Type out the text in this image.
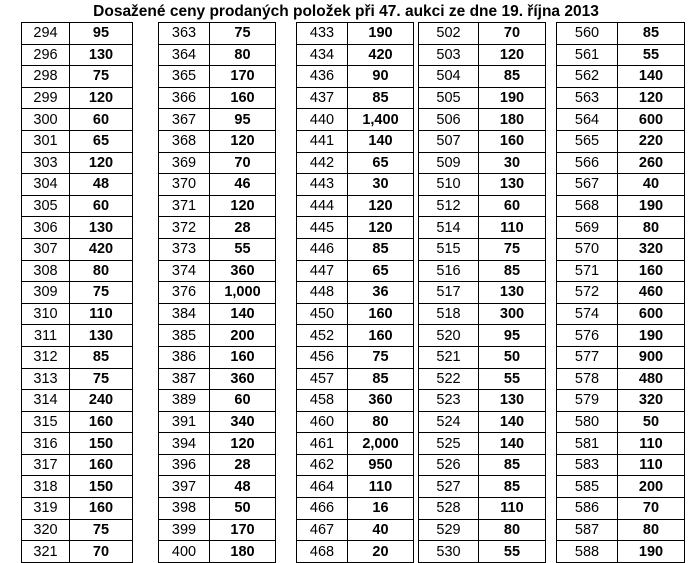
Dosažené ceny prodaných položek při 47. aukci ze dne 19. října 2013
294	95
296	130
298	75
299	120
300	60
301	65
303	120
304	48
305	60
306	130
307	420
308	80
309	75
310	110
311	130
312	85
313	75
314	240
315	160
316	150
317	160
318	150
319	160
320	75
321	70
363	75
364	80
365	170
366	160
367	95
368	120
369	70
370	46
371	120
372	28
373	55
374	360
376	1,000
384	140
385	200
386	160
387	360
389	60
391	340
394	120
396	28
397	48
398	50
399	170
400	180
433	190
434	420
436	90
437	85
440	1,400
441	140
442	65
443	30
444	120
445	120
446	85
447	65
448	36
450	160
452	160
456	75
457	85
458	360
460	80
461	2,000
462	950
464	110
466	16
467	40
468	20
502	70
503	120
504	85
505	190
506	180
507	160
509	30
510	130
512	60
514	110
515	75
516	85
517	130
518	300
520	95
521	50
522	55
523	130
524	140
525	140
526	85
527	85
528	110
529	80
530	55
560	85
561	55
562	140
563	120
564	600
565	220
566	260
567	40
568	190
569	80
570	320
571	160
572	460
574	600
576	190
577	900
578	480
579	320
580	50
581	110
583	110
585	200
586	70
587	80
588	190
